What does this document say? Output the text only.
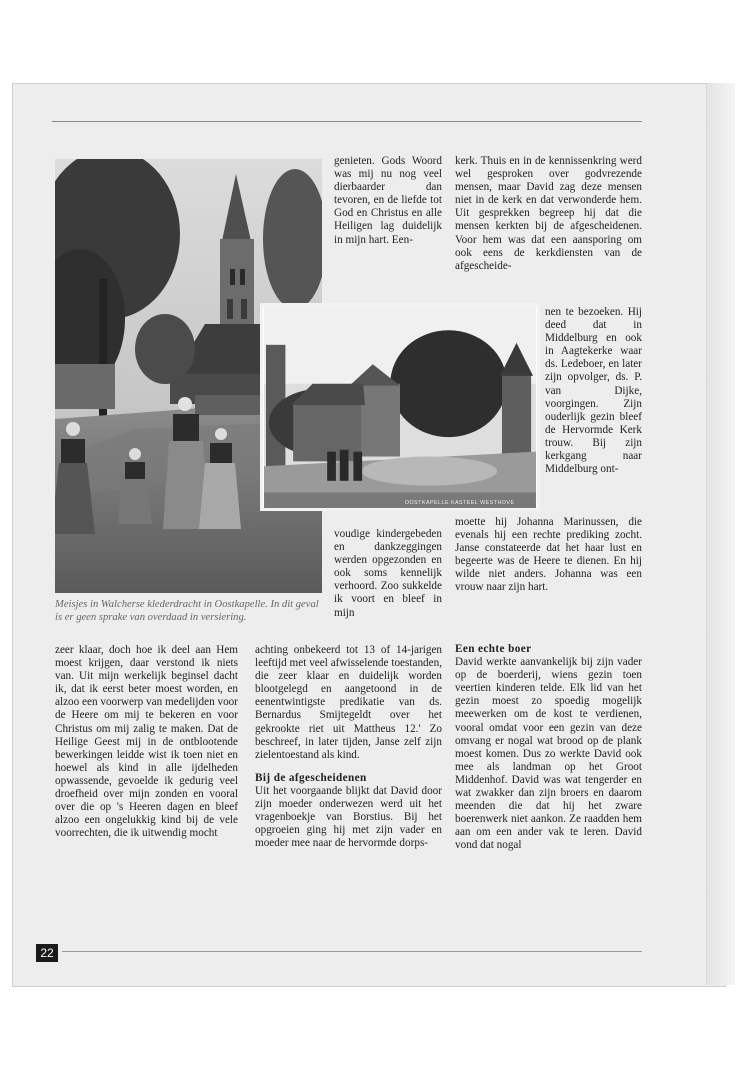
OOSTKAPELLE KASTEEL WESTHOVE

Meisjes in Walcherse klederdracht in Oostkapelle. In dit geval is er geen sprake van overdaad in versiering.

genieten. Gods Woord was mij nu nog veel dierbaarder dan tevoren, en de liefde tot God en Christus en alle Heiligen lag duidelijk in mijn hart. Een-

voudige kindergebeden en dankzeggingen werden opgezonden en ook soms kennelijk verhoord. Zoo sukkelde ik voort en bleef in mijn

kerk. Thuis en in de kennissenkring werd wel gesproken over godvrezende mensen, maar David zag deze mensen niet in de kerk en dat verwonderde hem. Uit gesprekken begreep hij dat die mensen kerkten bij de afgescheidenen. Voor hem was dat een aansporing om ook eens de kerkdiensten van de afgescheide-

nen te bezoeken. Hij deed dat in Middelburg en ook in Aagtekerke waar ds. Ledeboer, en later zijn opvolger, ds. P. van Dijke, voorgingen. Zijn ouderlijk gezin bleef de Hervormde Kerk trouw. Bij zijn kerkgang naar Middelburg ont-

moette hij Johanna Marinussen, die evenals hij een rechte prediking zocht. Janse constateerde dat het haar lust en begeerte was de Heere te dienen. En hij wilde niet anders. Johanna was een vrouw naar zijn hart.

Een echte boer

David werkte aanvankelijk bij zijn vader op de boerderij, wiens gezin toen veertien kinderen telde. Elk lid van het gezin moest zo spoedig mogelijk meewerken om de kost te verdienen, vooral omdat voor een gezin van deze omvang er nogal wat brood op de plank moest komen. Dus zo werkte David ook mee als landman op het Groot Middenhof. David was wat tengerder en wat zwakker dan zijn broers en daarom meenden die dat hij het zware boerenwerk niet aankon. Ze raadden hem aan om een ander vak te leren. David vond dat nogal

zeer klaar, doch hoe ik deel aan Hem moest krijgen, daar verstond ik niets van. Uit mijn werkelijk beginsel dacht ik, dat ik eerst beter moest worden, en alzoo een voorwerp van medelijden voor de Heere om mij te bekeren en voor Christus om mij zalig te maken. Dat de Heilige Geest mij in de ontblootende bewerkingen leidde wist ik toen niet en hoewel als kind in alle ijdelheden opwassende, gevoelde ik gedurig veel droefheid over mijn zonden en vooral over die op 's Heeren dagen en bleef alzoo een ongelukkig kind bij de vele voorrechten, die ik uitwendig mocht

achting onbekeerd tot 13 of 14-jarigen leeftijd met veel afwisselende toestanden, die zeer klaar en duidelijk worden blootgelegd en aangetoond in de eenentwintigste predikatie van ds. Bernardus Smijtegeldt over het gekrookte riet uit Mattheus 12.' Zo beschreef, in later tijden, Janse zelf zijn zielentoestand als kind.

Bij de afgescheidenen

Uit het voorgaande blijkt dat David door zijn moeder onderwezen werd uit het vragenboekje van Borstius. Bij het opgroeien ging hij met zijn vader en moeder mee naar de hervormde dorps-

22
